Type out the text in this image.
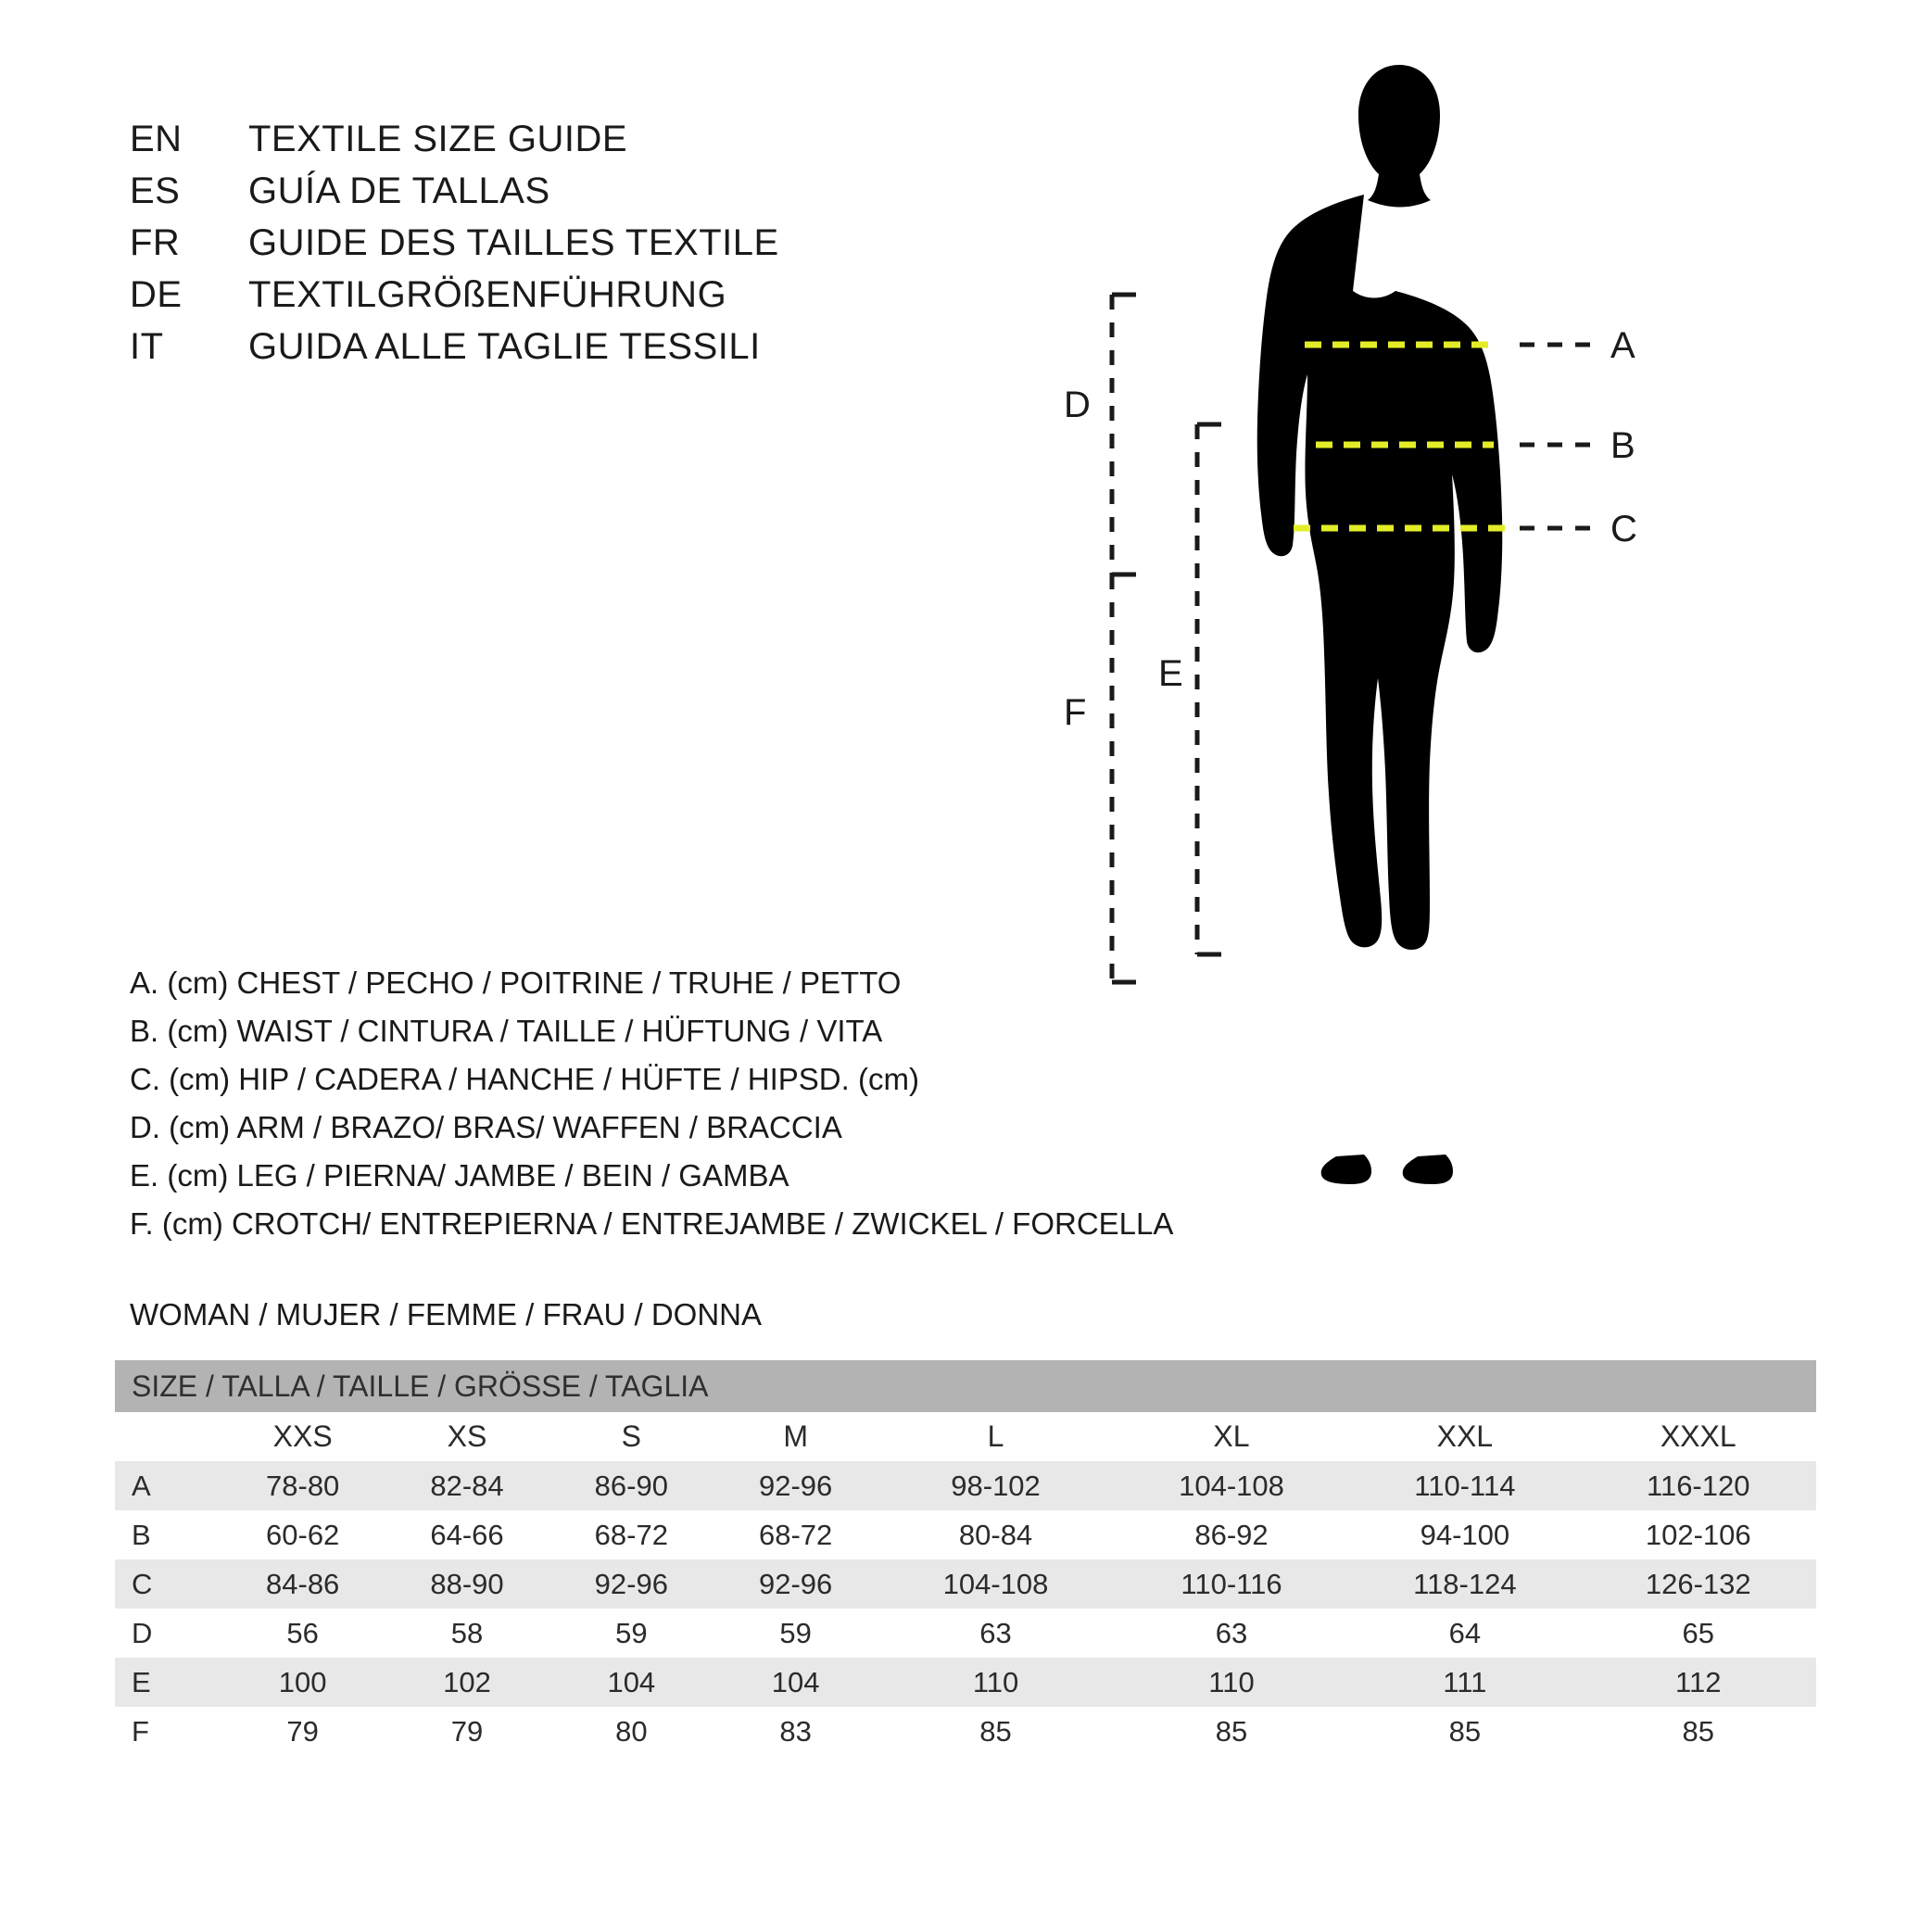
EN	TEXTILE SIZE GUIDE
ES	GUÍA DE TALLAS
FR	GUIDE DES TAILLES TEXTILE
DE	TEXTILGRÖßENFÜHRUNG
IT	GUIDA ALLE TAGLIE TESSILI	A
B
C
D
F
E
A. (cm) CHEST / PECHO / POITRINE / TRUHE / PETTO
B. (cm) WAIST / CINTURA / TAILLE / HÜFTUNG / VITA
C. (cm) HIP / CADERA / HANCHE / HÜFTE / HIPSD. (cm)
D. (cm) ARM / BRAZO/ BRAS/ WAFFEN / BRACCIA
E. (cm) LEG / PIERNA/ JAMBE / BEIN / GAMBA
F. (cm) CROTCH/ ENTREPIERNA / ENTREJAMBE / ZWICKEL / FORCELLA
WOMAN / MUJER / FEMME / FRAU / DONNA
SIZE / TALLA / TAILLE / GRÖSSE / TAGLIA								
	XXS	XS	S	M	L	XL	XXL	XXXL
A	78-80	82-84	86-90	92-96	98-102	104-108	110-114	116-120
B	60-62	64-66	68-72	68-72	80-84	86-92	94-100	102-106
C	84-86	88-90	92-96	92-96	104-108	110-116	118-124	126-132
D	56	58	59	59	63	63	64	65
E	100	102	104	104	110	110	111	112
F	79	79	80	83	85	85	85	85
